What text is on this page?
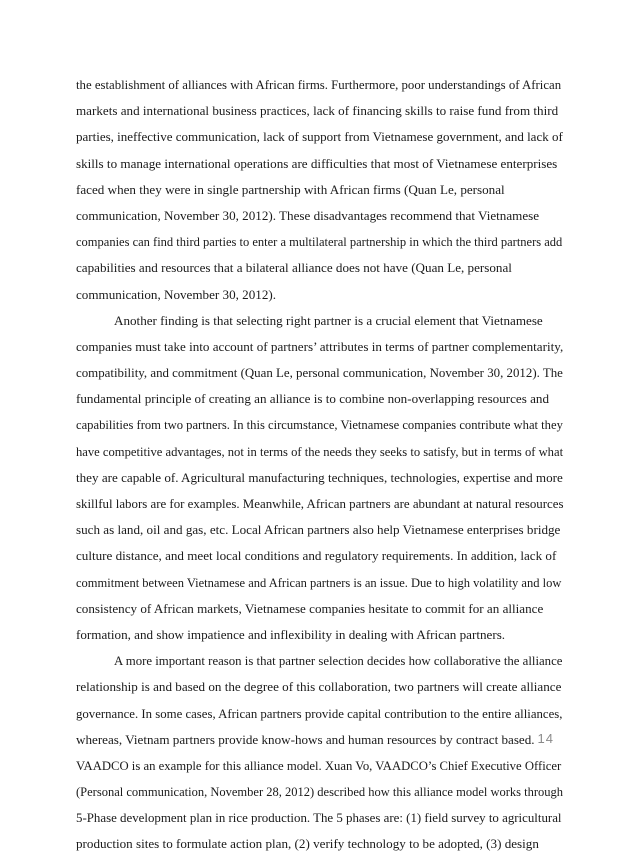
the establishment of alliances with African firms. Furthermore, poor understandings of African
markets and international business practices, lack of financing skills to raise fund from third
parties, ineffective communication, lack of support from Vietnamese government, and lack of
skills to manage international operations are difficulties that most of Vietnamese enterprises
faced when they were in single partnership with African firms (Quan Le, personal
communication, November 30, 2012). These disadvantages recommend that Vietnamese
companies can find third parties to enter a multilateral partnership in which the third partners add
capabilities and resources that a bilateral alliance does not have (Quan Le, personal
communication, November 30, 2012).
Another finding is that selecting right partner is a crucial element that Vietnamese
companies must take into account of partners’ attributes in terms of partner complementarity,
compatibility, and commitment (Quan Le, personal communication, November 30, 2012). The
fundamental principle of creating an alliance is to combine non-overlapping resources and
capabilities from two partners. In this circumstance, Vietnamese companies contribute what they
have competitive advantages, not in terms of the needs they seeks to satisfy, but in terms of what
they are capable of. Agricultural manufacturing techniques, technologies, expertise and more
skillful labors are for examples. Meanwhile, African partners are abundant at natural resources
such as land, oil and gas, etc. Local African partners also help Vietnamese enterprises bridge
culture distance, and meet local conditions and regulatory requirements. In addition, lack of
commitment between Vietnamese and African partners is an issue. Due to high volatility and low
consistency of African markets, Vietnamese companies hesitate to commit for an alliance
formation, and show impatience and inflexibility in dealing with African partners.
A more important reason is that partner selection decides how collaborative the alliance
relationship is and based on the degree of this collaboration, two partners will create alliance
governance. In some cases, African partners provide capital contribution to the entire alliances,
whereas, Vietnam partners provide know-hows and human resources by contract based.
VAADCO is an example for this alliance model. Xuan Vo, VAADCO’s Chief Executive Officer
(Personal communication, November 28, 2012) described how this alliance model works through
5-Phase development plan in rice production. The 5 phases are: (1) field survey to agricultural
production sites to formulate action plan, (2) verify technology to be adopted, (3) design
14
